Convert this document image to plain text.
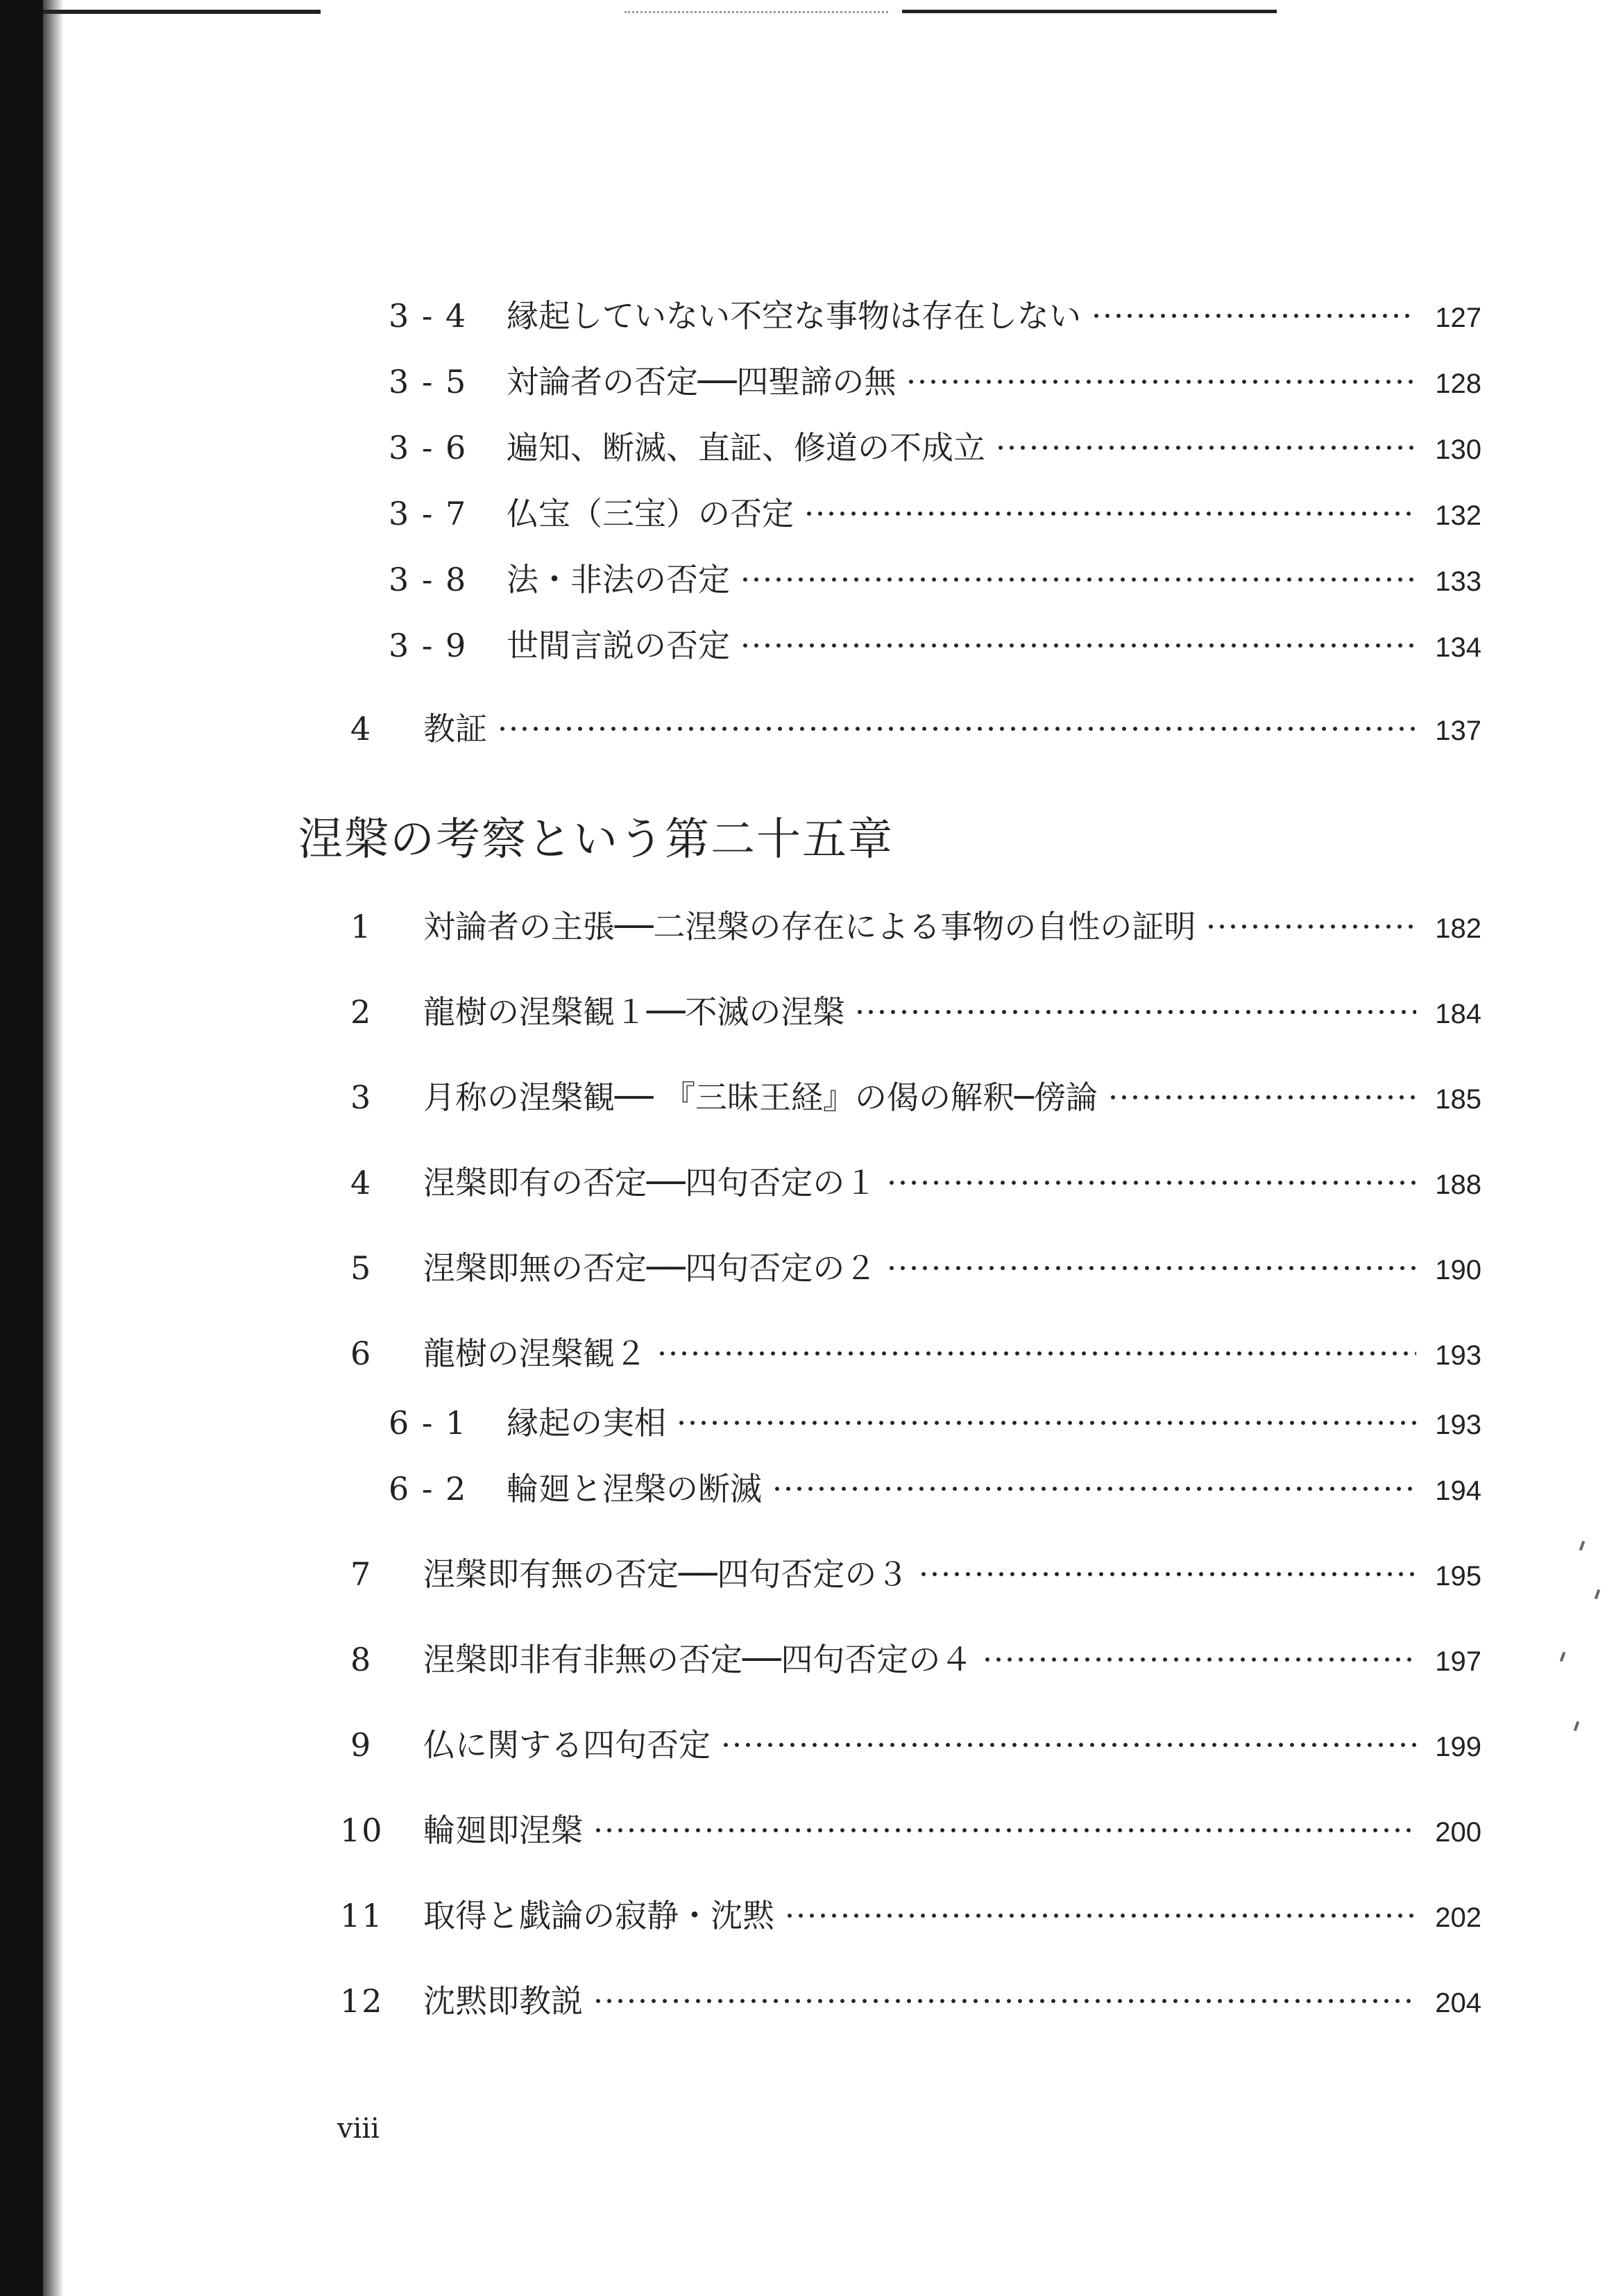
3 - 4	縁起していない不空な事物は存在しない	127
3 - 5	対論者の否定──四聖諦の無	128
3 - 6	遍知、断滅、直証、修道の不成立	130
3 - 7	仏宝（三宝）の否定	132
3 - 8	法・非法の否定	133
3 - 9	世間言説の否定	134
4	教証	137
涅槃の考察という第二十五章
1	対論者の主張──二涅槃の存在による事物の自性の証明	182
2	龍樹の涅槃観１──不滅の涅槃	184
3	月称の涅槃観── 『三昧王経』の偈の解釈─傍論	185
4	涅槃即有の否定──四句否定の１	188
5	涅槃即無の否定──四句否定の２	190
6	龍樹の涅槃観２	193
6 - 1	縁起の実相	193
6 - 2	輪廻と涅槃の断滅	194
7	涅槃即有無の否定──四句否定の３	195
8	涅槃即非有非無の否定──四句否定の４	197
9	仏に関する四句否定	199
10	輪廻即涅槃	200
11	取得と戯論の寂静・沈黙	202
12	沈黙即教説	204
viii
